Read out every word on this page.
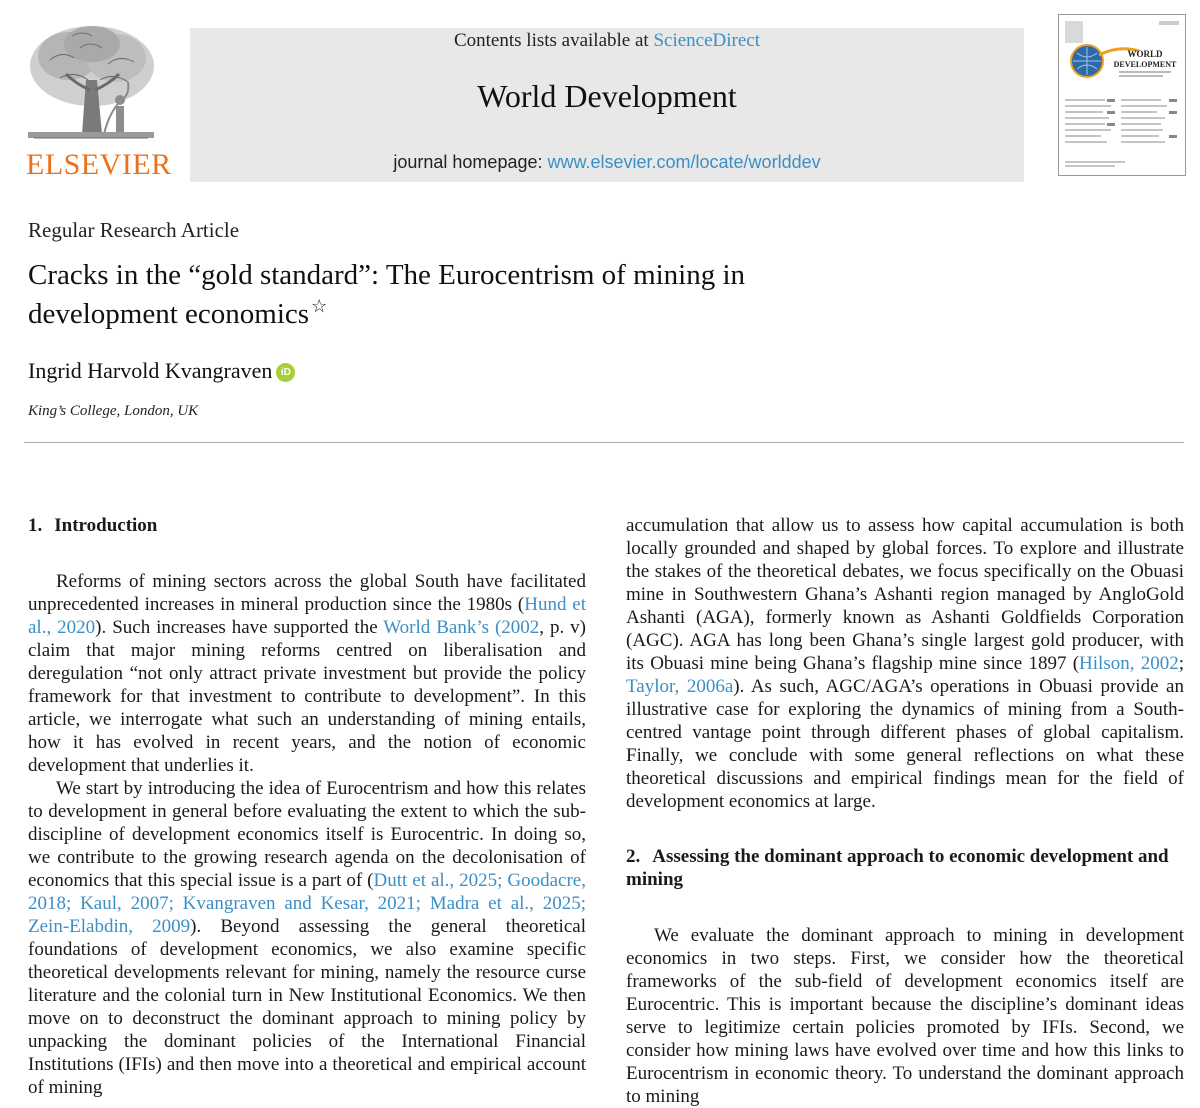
ELSEVIER
Contents lists available at ScienceDirect
World Development
journal homepage: www.elsevier.com/locate/worlddev
WORLD
DEVELOPMENT
Regular Research Article
Cracks in the “gold standard”: The Eurocentrism of mining in
development economics ☆
Ingrid Harvold Kvangraven iD
King’s College, London, UK
1. Introduction

Reforms of mining sectors across the global South have facilitated unprecedented increases in mineral production since the 1980s (Hund et al., 2020). Such increases have supported the World Bank’s (2002, p. v) claim that major mining reforms centred on liberalisation and deregulation “not only attract private investment but provide the policy framework for that investment to contribute to development”. In this article, we interrogate what such an understanding of mining entails, how it has evolved in recent years, and the notion of economic development that underlies it.

We start by introducing the idea of Eurocentrism and how this relates to development in general before evaluating the extent to which the sub-discipline of development economics itself is Eurocentric. In doing so, we contribute to the growing research agenda on the decolonisation of economics that this special issue is a part of (Dutt et al., 2025; Goodacre, 2018; Kaul, 2007; Kvangraven and Kesar, 2021; Madra et al., 2025; Zein-Elabdin, 2009). Beyond assessing the general theoretical foundations of development economics, we also examine specific theoretical developments relevant for mining, namely the resource curse literature and the colonial turn in New Institutional Economics. We then move on to deconstruct the dominant approach to mining policy by unpacking the dominant policies of the International Financial Institutions (IFIs) and then move into a theoretical and empirical account of mining

accumulation that allow us to assess how capital accumulation is both locally grounded and shaped by global forces. To explore and illustrate the stakes of the theoretical debates, we focus specifically on the Obuasi mine in Southwestern Ghana’s Ashanti region managed by AngloGold Ashanti (AGA), formerly known as Ashanti Goldfields Corporation (AGC). AGA has long been Ghana’s single largest gold producer, with its Obuasi mine being Ghana’s flagship mine since 1897 (Hilson, 2002; Taylor, 2006a). As such, AGC/AGA’s operations in Obuasi provide an illustrative case for exploring the dynamics of mining from a South-centred vantage point through different phases of global capitalism. Finally, we conclude with some general reflections on what these theoretical discussions and empirical findings mean for the field of development economics at large.

2. Assessing the dominant approach to economic development and mining

We evaluate the dominant approach to mining in development economics in two steps. First, we consider how the theoretical frameworks of the sub-field of development economics itself are Eurocentric. This is important because the discipline’s dominant ideas serve to legitimize certain policies promoted by IFIs. Second, we consider how mining laws have evolved over time and how this links to Eurocentrism in economic theory. To understand the dominant approach to mining
